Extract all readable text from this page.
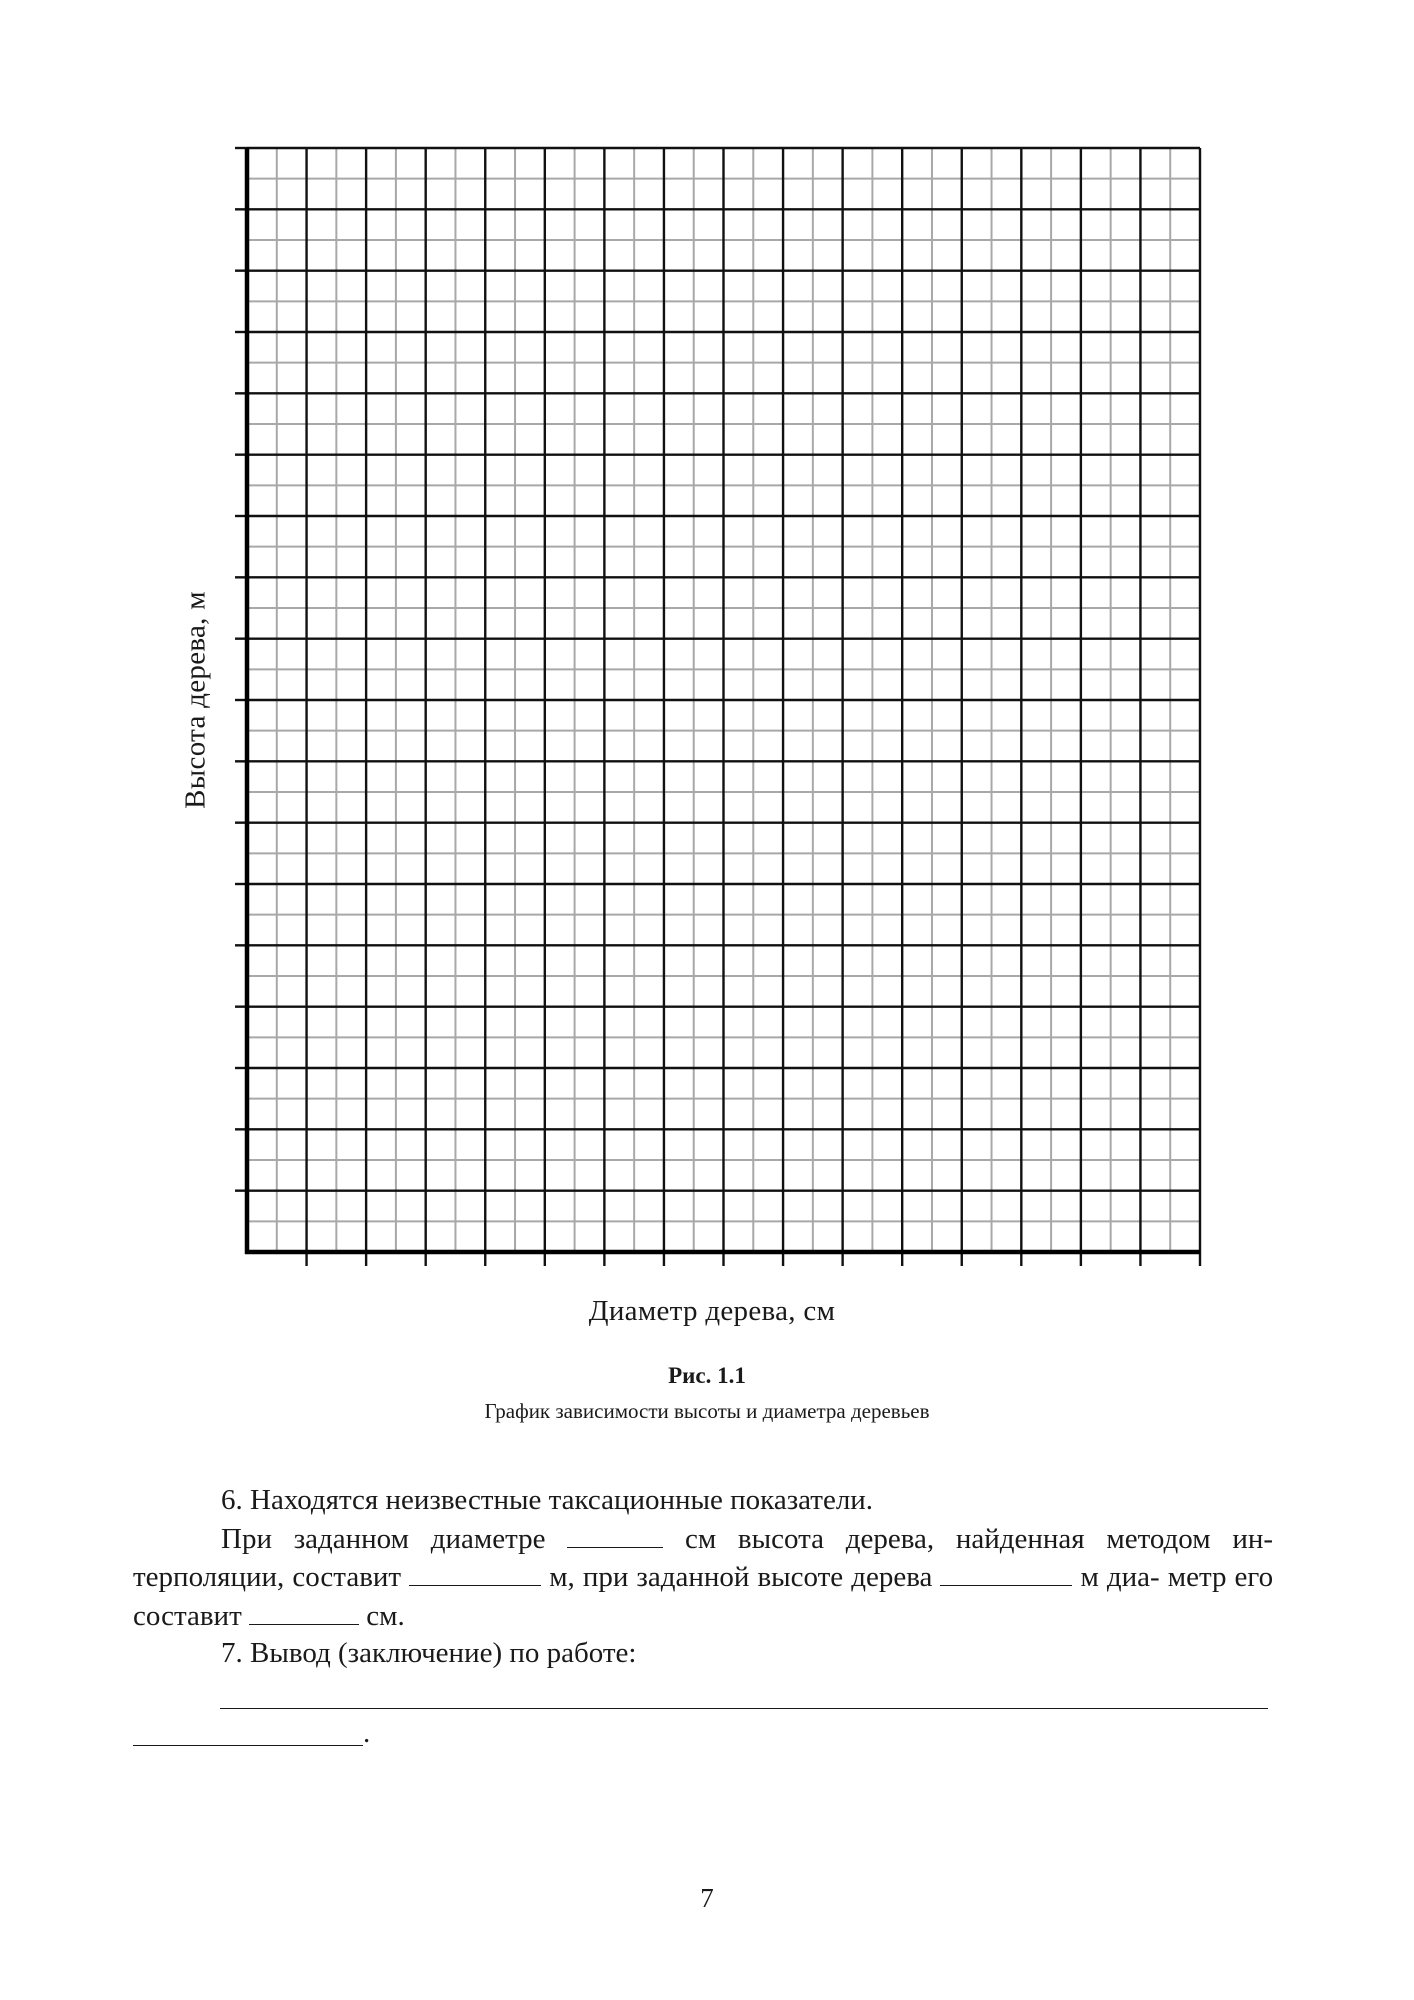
Высота дерева, м
Диаметр дерева, см
Рис. 1.1
График зависимости высоты и диаметра деревьев

6. Находятся неизвестные таксационные показатели.

При заданном диаметре	см высота дерева, найденная методом ин- терполяции, составит	м, при заданной высоте дерева	м диа- метр его составит	см.

7. Вывод (заключение) по работе:

.
7
